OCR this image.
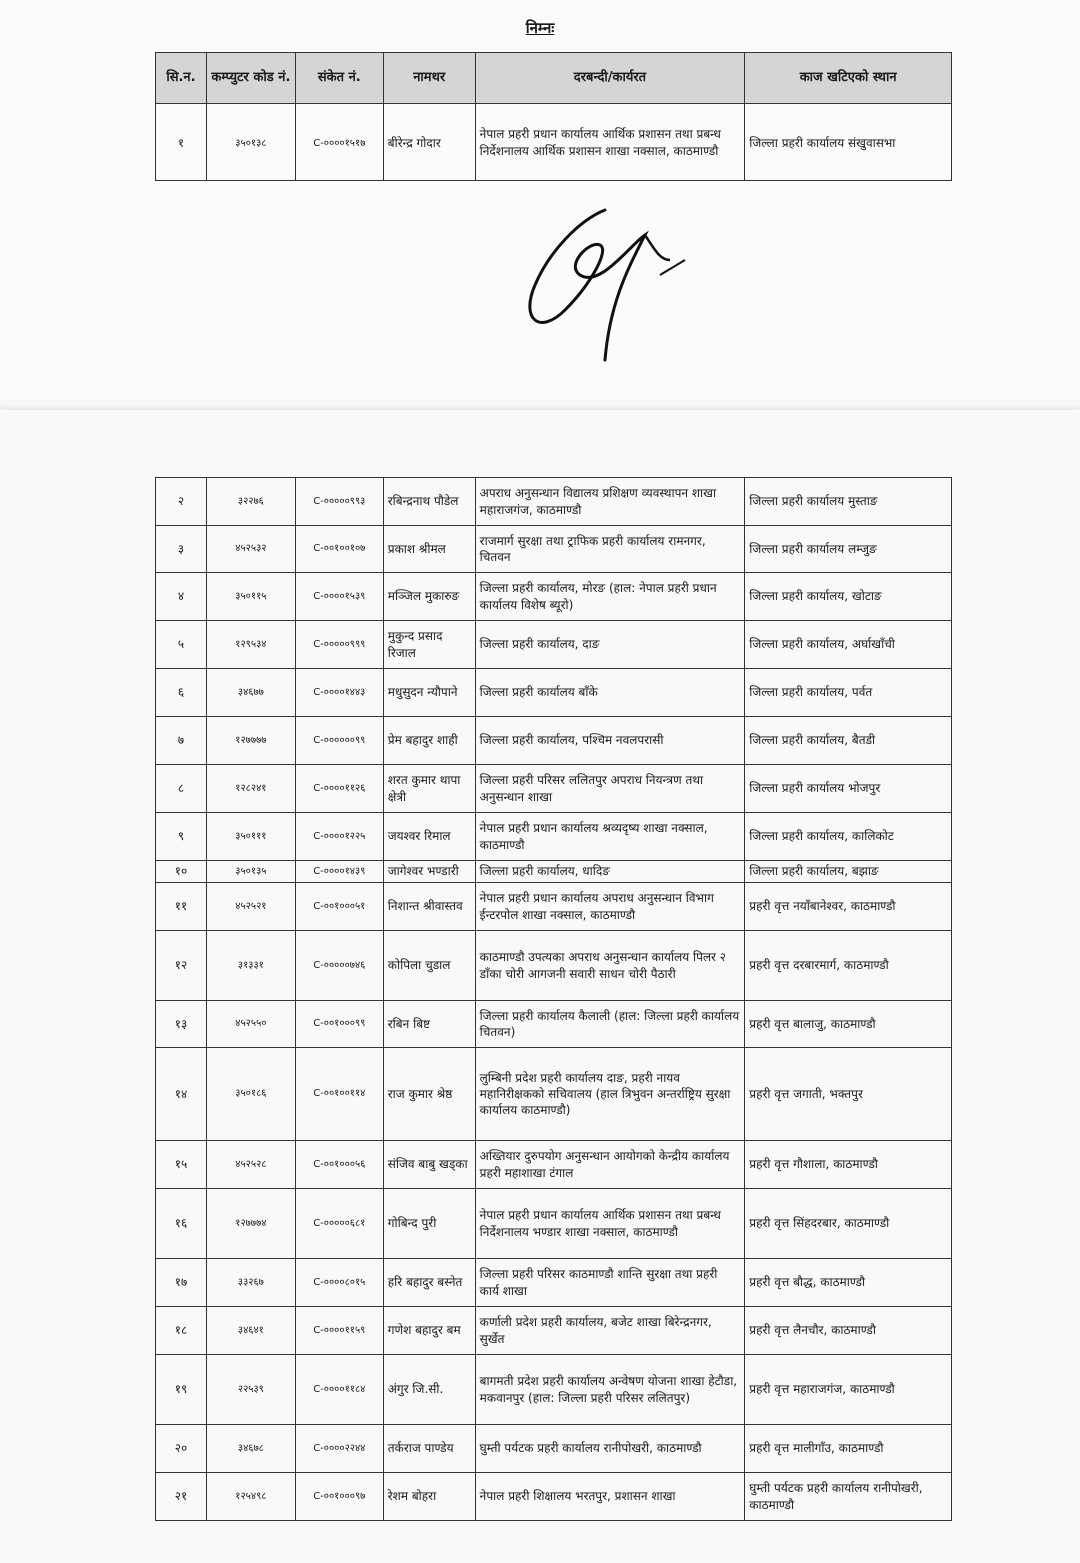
निम्नः
सि.न.	कम्प्युटर कोड नं.	संकेत नं.	नामथर	दरबन्दी/कार्यरत	काज खटिएको स्थान
१	३५०१३८	C-००००१५१७	बीरेन्द्र गोदार	नेपाल प्रहरी प्रधान कार्यालय आर्थिक प्रशासन तथा प्रबन्ध निर्देशनालय आर्थिक प्रशासन शाखा नक्साल, काठमाण्डौ	जिल्ला प्रहरी कार्यालय संखुवासभा
२	३२२७६	C-०००००९९३	रबिन्द्रनाथ पौडेल	अपराध अनुसन्धान विद्यालय प्रशिक्षण व्यवस्थापन शाखा महाराजगंज, काठमाण्डौ	जिल्ला प्रहरी कार्यालय मुस्ताङ
३	४५२५३२	C-००१००१०७	प्रकाश श्रीमल	राजमार्ग सुरक्षा तथा ट्राफिक प्रहरी कार्यालय रामनगर, चितवन	जिल्ला प्रहरी कार्यालय लम्जुङ
४	३५०११५	C-००००१५३९	मञ्जिल मुकारुङ	जिल्ला प्रहरी कार्यालय, मोरङ (हाल: नेपाल प्रहरी प्रधान कार्यालय विशेष ब्यूरो)	जिल्ला प्रहरी कार्यालय, खोटाङ
५	१२९५३४	C-०००००९९९	मुकुन्द प्रसाद रिजाल	जिल्ला प्रहरी कार्यालय, दाङ	जिल्ला प्रहरी कार्यालय, अर्घाखाँची
६	३४६७७	C-००००१४४३	मधुसुदन न्यौपाने	जिल्ला प्रहरी कार्यालय बाँके	जिल्ला प्रहरी कार्यालय, पर्वत
७	१२७७७७	C-००००००९९	प्रेम बहादुर शाही	जिल्ला प्रहरी कार्यालय, पश्चिम नवलपरासी	जिल्ला प्रहरी कार्यालय, बैतडी
८	१२८२४१	C-००००११२६	शरत कुमार थापा क्षेत्री	जिल्ला प्रहरी परिसर ललितपुर अपराध नियन्त्रण तथा अनुसन्धान शाखा	जिल्ला प्रहरी कार्यालय भोजपुर
९	३५०१११	C-००००१२२५	जयश्वर रिमाल	नेपाल प्रहरी प्रधान कार्यालय श्रव्यदृष्य शाखा नक्साल, काठमाण्डौ	जिल्ला प्रहरी कार्यालय, कालिकोट
१०	३५०१३५	C-००००१४३९	जागेश्वर भण्डारी	जिल्ला प्रहरी कार्यालय, धादिङ	जिल्ला प्रहरी कार्यालय, बझाङ
११	४५२५२१	C-००१०००५१	निशान्त श्रीवास्तव	नेपाल प्रहरी प्रधान कार्यालय अपराध अनुसन्धान विभाग ईन्टरपोल शाखा नक्साल, काठमाण्डौ	प्रहरी वृत्त नयाँबानेश्वर, काठमाण्डौ
१२	३१३३१	C-०००००७४६	कोपिला चुडाल	काठमाण्डौ उपत्यका अपराध अनुसन्धान कार्यालय पिलर २ डाँका चोरी आगजनी सवारी साधन चोरी पैठारी	प्रहरी वृत्त दरबारमार्ग, काठमाण्डौ
१३	४५२५५०	C-००१०००९९	रबिन बिष्ट	जिल्ला प्रहरी कार्यालय कैलाली (हाल: जिल्ला प्रहरी कार्यालय चितवन)	प्रहरी वृत्त बालाजु, काठमाण्डौ
१४	३५०१८६	C-००१००११४	राज कुमार श्रेष्ठ	लुम्बिनी प्रदेश प्रहरी कार्यालय दाङ, प्रहरी नायव महानिरीक्षकको सचिवालय (हाल त्रिभुवन अन्तर्राष्ट्रिय सुरक्षा कार्यालय काठमाण्डौ)	प्रहरी वृत्त जगाती, भक्तपुर
१५	४५२५२८	C-००१०००५६	संजिव बाबु खड्का	अख्तियार दुरुपयोग अनुसन्धान आयोगको केन्द्रीय कार्यालय प्रहरी महाशाखा टंगाल	प्रहरी वृत्त गौशाला, काठमाण्डौ
१६	१२७७७४	C-०००००६८१	गोबिन्द पुरी	नेपाल प्रहरी प्रधान कार्यालय आर्थिक प्रशासन तथा प्रबन्ध निर्देशनालय भण्डार शाखा नक्साल, काठमाण्डौ	प्रहरी वृत्त सिंहदरबार, काठमाण्डौ
१७	३३२६७	C-००००८०१५	हरि बहादुर बस्नेत	जिल्ला प्रहरी परिसर काठमाण्डौ शान्ति सुरक्षा तथा प्रहरी कार्य शाखा	प्रहरी वृत्त बौद्ध, काठमाण्डौ
१८	३४६४१	C-००००११५९	गणेश बहादुर बम	कर्णाली प्रदेश प्रहरी कार्यालय, बजेट शाखा बिरेन्द्रनगर, सुर्खेत	प्रहरी वृत्त लैनचौर, काठमाण्डौ
१९	२२५३९	C-००००११८४	अंगुर जि.सी.	बागमती प्रदेश प्रहरी कार्यालय अन्वेषण योजना शाखा हेटौडा, मकवानपुर (हाल: जिल्ला प्रहरी परिसर ललितपुर)	प्रहरी वृत्त महाराजगंज, काठमाण्डौ
२०	३४६७८	C-००००२२४४	तर्कराज पाण्डेय	घुम्ती पर्यटक प्रहरी कार्यालय रानीपोखरी, काठमाण्डौ	प्रहरी वृत्त मालीगाँउ, काठमाण्डौ
२१	१२५४९८	C-००१०००९७	रेशम बोहरा	नेपाल प्रहरी शिक्षालय भरतपुर, प्रशासन शाखा	घुम्ती पर्यटक प्रहरी कार्यालय रानीपोखरी, काठमाण्डौ
